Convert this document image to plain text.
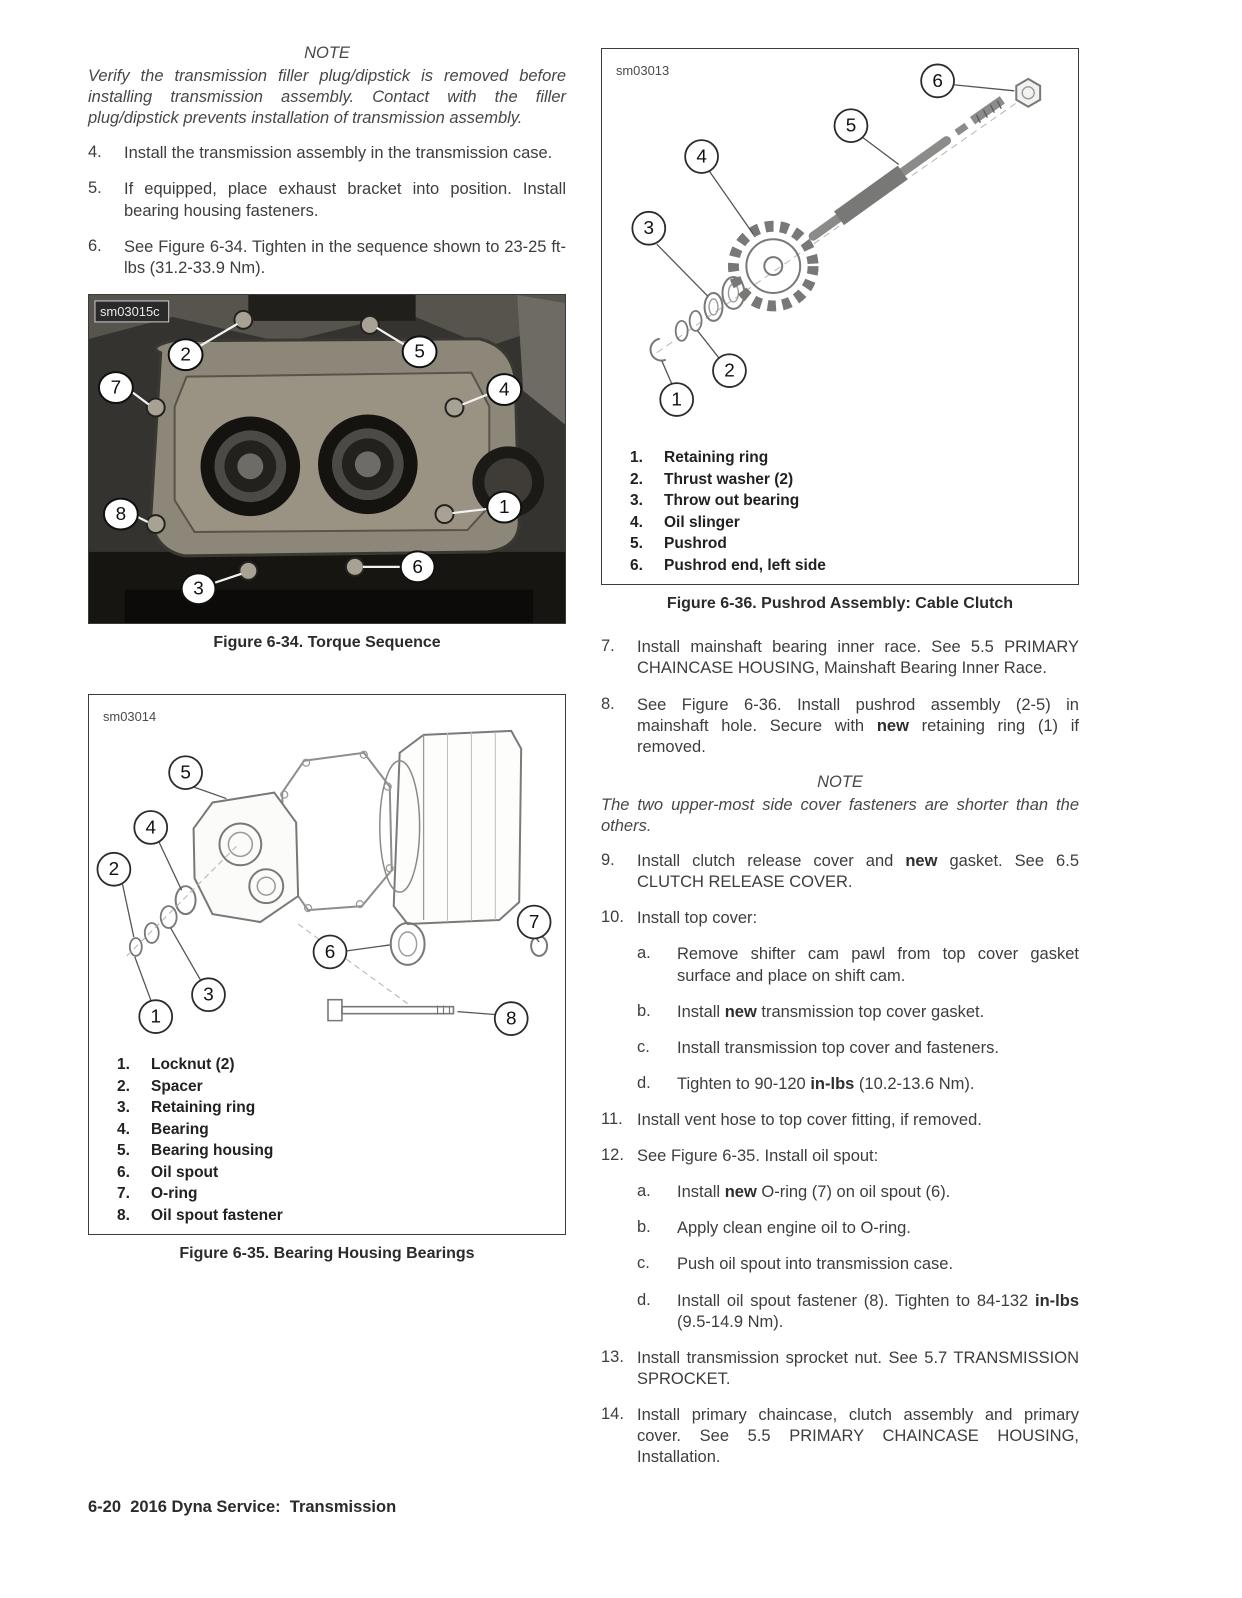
NOTE
Verify the transmission filler plug/dipstick is removed before installing transmission assembly. Contact with the filler plug/dipstick prevents installation of transmission assembly.
4.	Install the transmission assembly in the transmission case.
5.	If equipped, place exhaust bracket into position. Install bearing housing fasteners.
6.	See Figure 6-34. Tighten in the sequence shown to 23-25 ft-lbs (31.2-33.9 Nm).
sm03015c
2	5
7	4
1
8
3
6
Figure 6-34. Torque Sequence
sm03014
5
4
2
1
3
6
7
8
1.	Locknut (2)
2.	Spacer
3.	Retaining ring
4.	Bearing
5.	Bearing housing
6.	Oil spout
7.	O-ring
8.	Oil spout fastener
Figure 6-35. Bearing Housing Bearings
sm03013
6
5
4
3
2
1
1.	Retaining ring
2.	Thrust washer (2)
3.	Throw out bearing
4.	Oil slinger
5.	Pushrod
6.	Pushrod end, left side
Figure 6-36. Pushrod Assembly: Cable Clutch
7.	Install mainshaft bearing inner race. See 5.5 PRIMARY CHAINCASE HOUSING, Mainshaft Bearing Inner Race.
8.	See Figure 6-36. Install pushrod assembly (2-5) in mainshaft hole. Secure with new retaining ring (1) if removed.
NOTE
The two upper-most side cover fasteners are shorter than the others.
9.	Install clutch release cover and new gasket. See 6.5 CLUTCH RELEASE COVER.
10. Install top cover:
a.	Remove shifter cam pawl from top cover gasket surface and place on shift cam.
b.	Install new transmission top cover gasket.
c.	Install transmission top cover and fasteners.
d.	Tighten to 90-120 in-lbs (10.2-13.6 Nm).
11. Install vent hose to top cover fitting, if removed.
12. See Figure 6-35. Install oil spout:
a.	Install new O-ring (7) on oil spout (6).
b.	Apply clean engine oil to O-ring.
c.	Push oil spout into transmission case.
d.	Install oil spout fastener (8). Tighten to 84-132 in-lbs (9.5-14.9 Nm).
13. Install transmission sprocket nut. See 5.7 TRANSMISSION SPROCKET.
14. Install primary chaincase, clutch assembly and primary cover. See 5.5 PRIMARY CHAINCASE HOUSING, Installation.
6-20  2016 Dyna Service:  Transmission
